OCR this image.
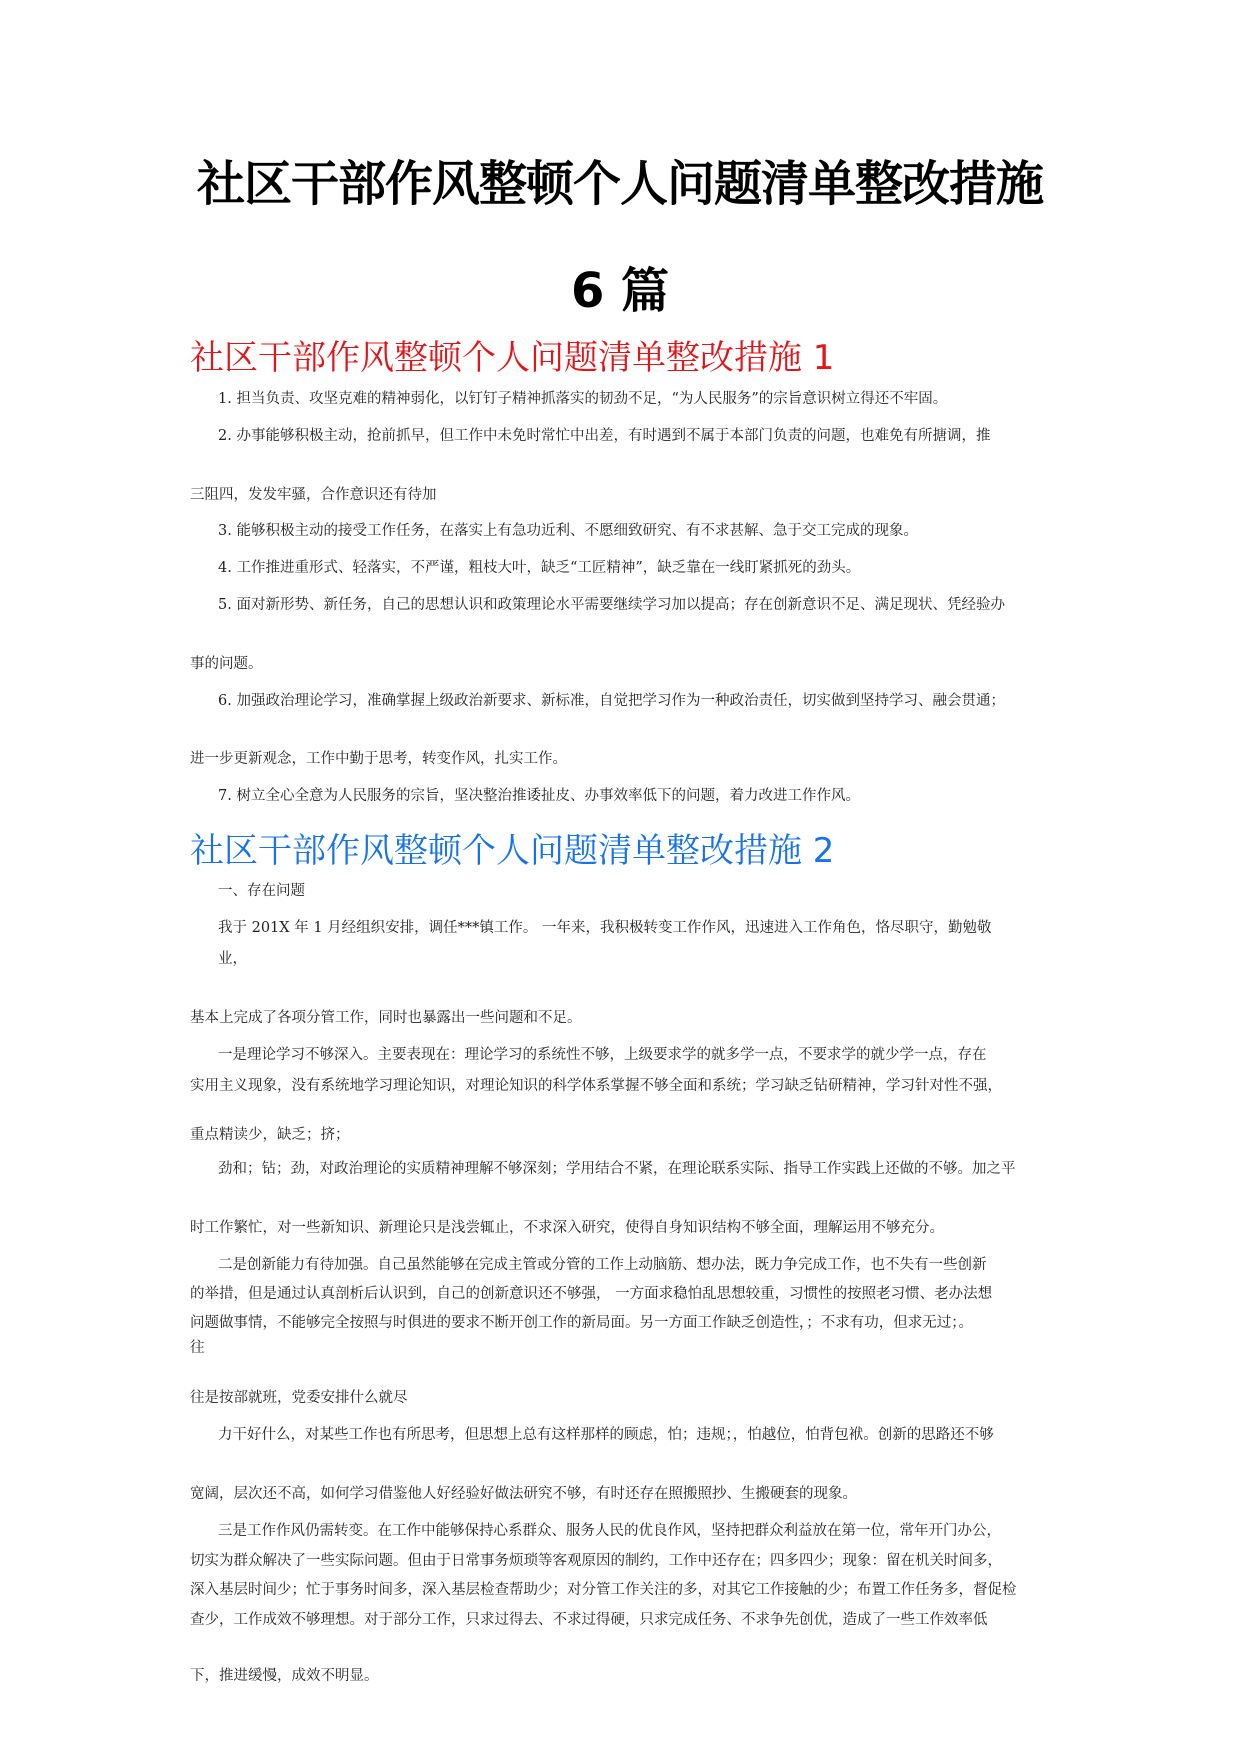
社区干部作风整顿个人问题清单整改措施
6 篇
社区干部作风整顿个人问题清单整改措施 1
1. 担当负责、攻坚克难的精神弱化，以钉钉子精神抓落实的韧劲不足，“为人民服务”的宗旨意识树立得还不牢固。
2. 办事能够积极主动，抢前抓早，但工作中未免时常忙中出差，有时遇到不属于本部门负责的问题，也难免有所搪调，推
三阻四，发发牢骚，合作意识还有待加
3. 能够积极主动的接受工作任务，在落实上有急功近利、不愿细致研究、有不求甚解、急于交工完成的现象。
4. 工作推进重形式、轻落实，不严谨，粗枝大叶，缺乏“工匠精神”，缺乏靠在一线盯紧抓死的劲头。
5. 面对新形势、新任务，自己的思想认识和政策理论水平需要继续学习加以提高；存在创新意识不足、满足现状、凭经验办
事的问题。
6. 加强政治理论学习，准确掌握上级政治新要求、新标准，自觉把学习作为一种政治责任，切实做到坚持学习、融会贯通；
进一步更新观念，工作中勤于思考，转变作风，扎实工作。
7. 树立全心全意为人民服务的宗旨，坚决整治推诿扯皮、办事效率低下的问题，着力改进工作作风。
社区干部作风整顿个人问题清单整改措施 2
一、存在问题
我于 201X 年 1 月经组织安排，调任***镇工作。 一年来，我积极转变工作作风，迅速进入工作角色，恪尽职守，勤勉敬
业，
基本上完成了各项分管工作，同时也暴露出一些问题和不足。
一是理论学习不够深入。主要表现在：理论学习的系统性不够，上级要求学的就多学一点，不要求学的就少学一点，存在
实用主义现象，没有系统地学习理论知识，对理论知识的科学体系掌握不够全面和系统；学习缺乏钻研精神，学习针对性不强，
重点精读少，缺乏；挤；
劲和；钻；劲，对政治理论的实质精神理解不够深刻；学用结合不紧，在理论联系实际、指导工作实践上还做的不够。加之平
时工作繁忙，对一些新知识、新理论只是浅尝辄止，不求深入研究，使得自身知识结构不够全面，理解运用不够充分。
二是创新能力有待加强。自己虽然能够在完成主管或分管的工作上动脑筋、想办法，既力争完成工作，也不失有一些创新
的举措，但是通过认真剖析后认识到，自己的创新意识还不够强， 一方面求稳怕乱思想较重，习惯性的按照老习惯、老办法想
问题做事情，不能够完全按照与时俱进的要求不断开创工作的新局面。另一方面工作缺乏创造性，；不求有功，但求无过；。
往
往是按部就班，党委安排什么就尽
力干好什么，对某些工作也有所思考，但思想上总有这样那样的顾虑，怕；违规；，怕越位，怕背包袱。创新的思路还不够
宽阔，层次还不高，如何学习借鉴他人好经验好做法研究不够，有时还存在照搬照抄、生搬硬套的现象。
三是工作作风仍需转变。在工作中能够保持心系群众、服务人民的优良作风，坚持把群众利益放在第一位，常年开门办公，
切实为群众解决了一些实际问题。但由于日常事务烦琐等客观原因的制约，工作中还存在；四多四少；现象：留在机关时间多，
深入基层时间少；忙于事务时间多，深入基层检查帮助少；对分管工作关注的多，对其它工作接触的少；布置工作任务多，督促检
查少，工作成效不够理想。对于部分工作，只求过得去、不求过得硬，只求完成任务、不求争先创优，造成了一些工作效率低
下，推进缓慢，成效不明显。
